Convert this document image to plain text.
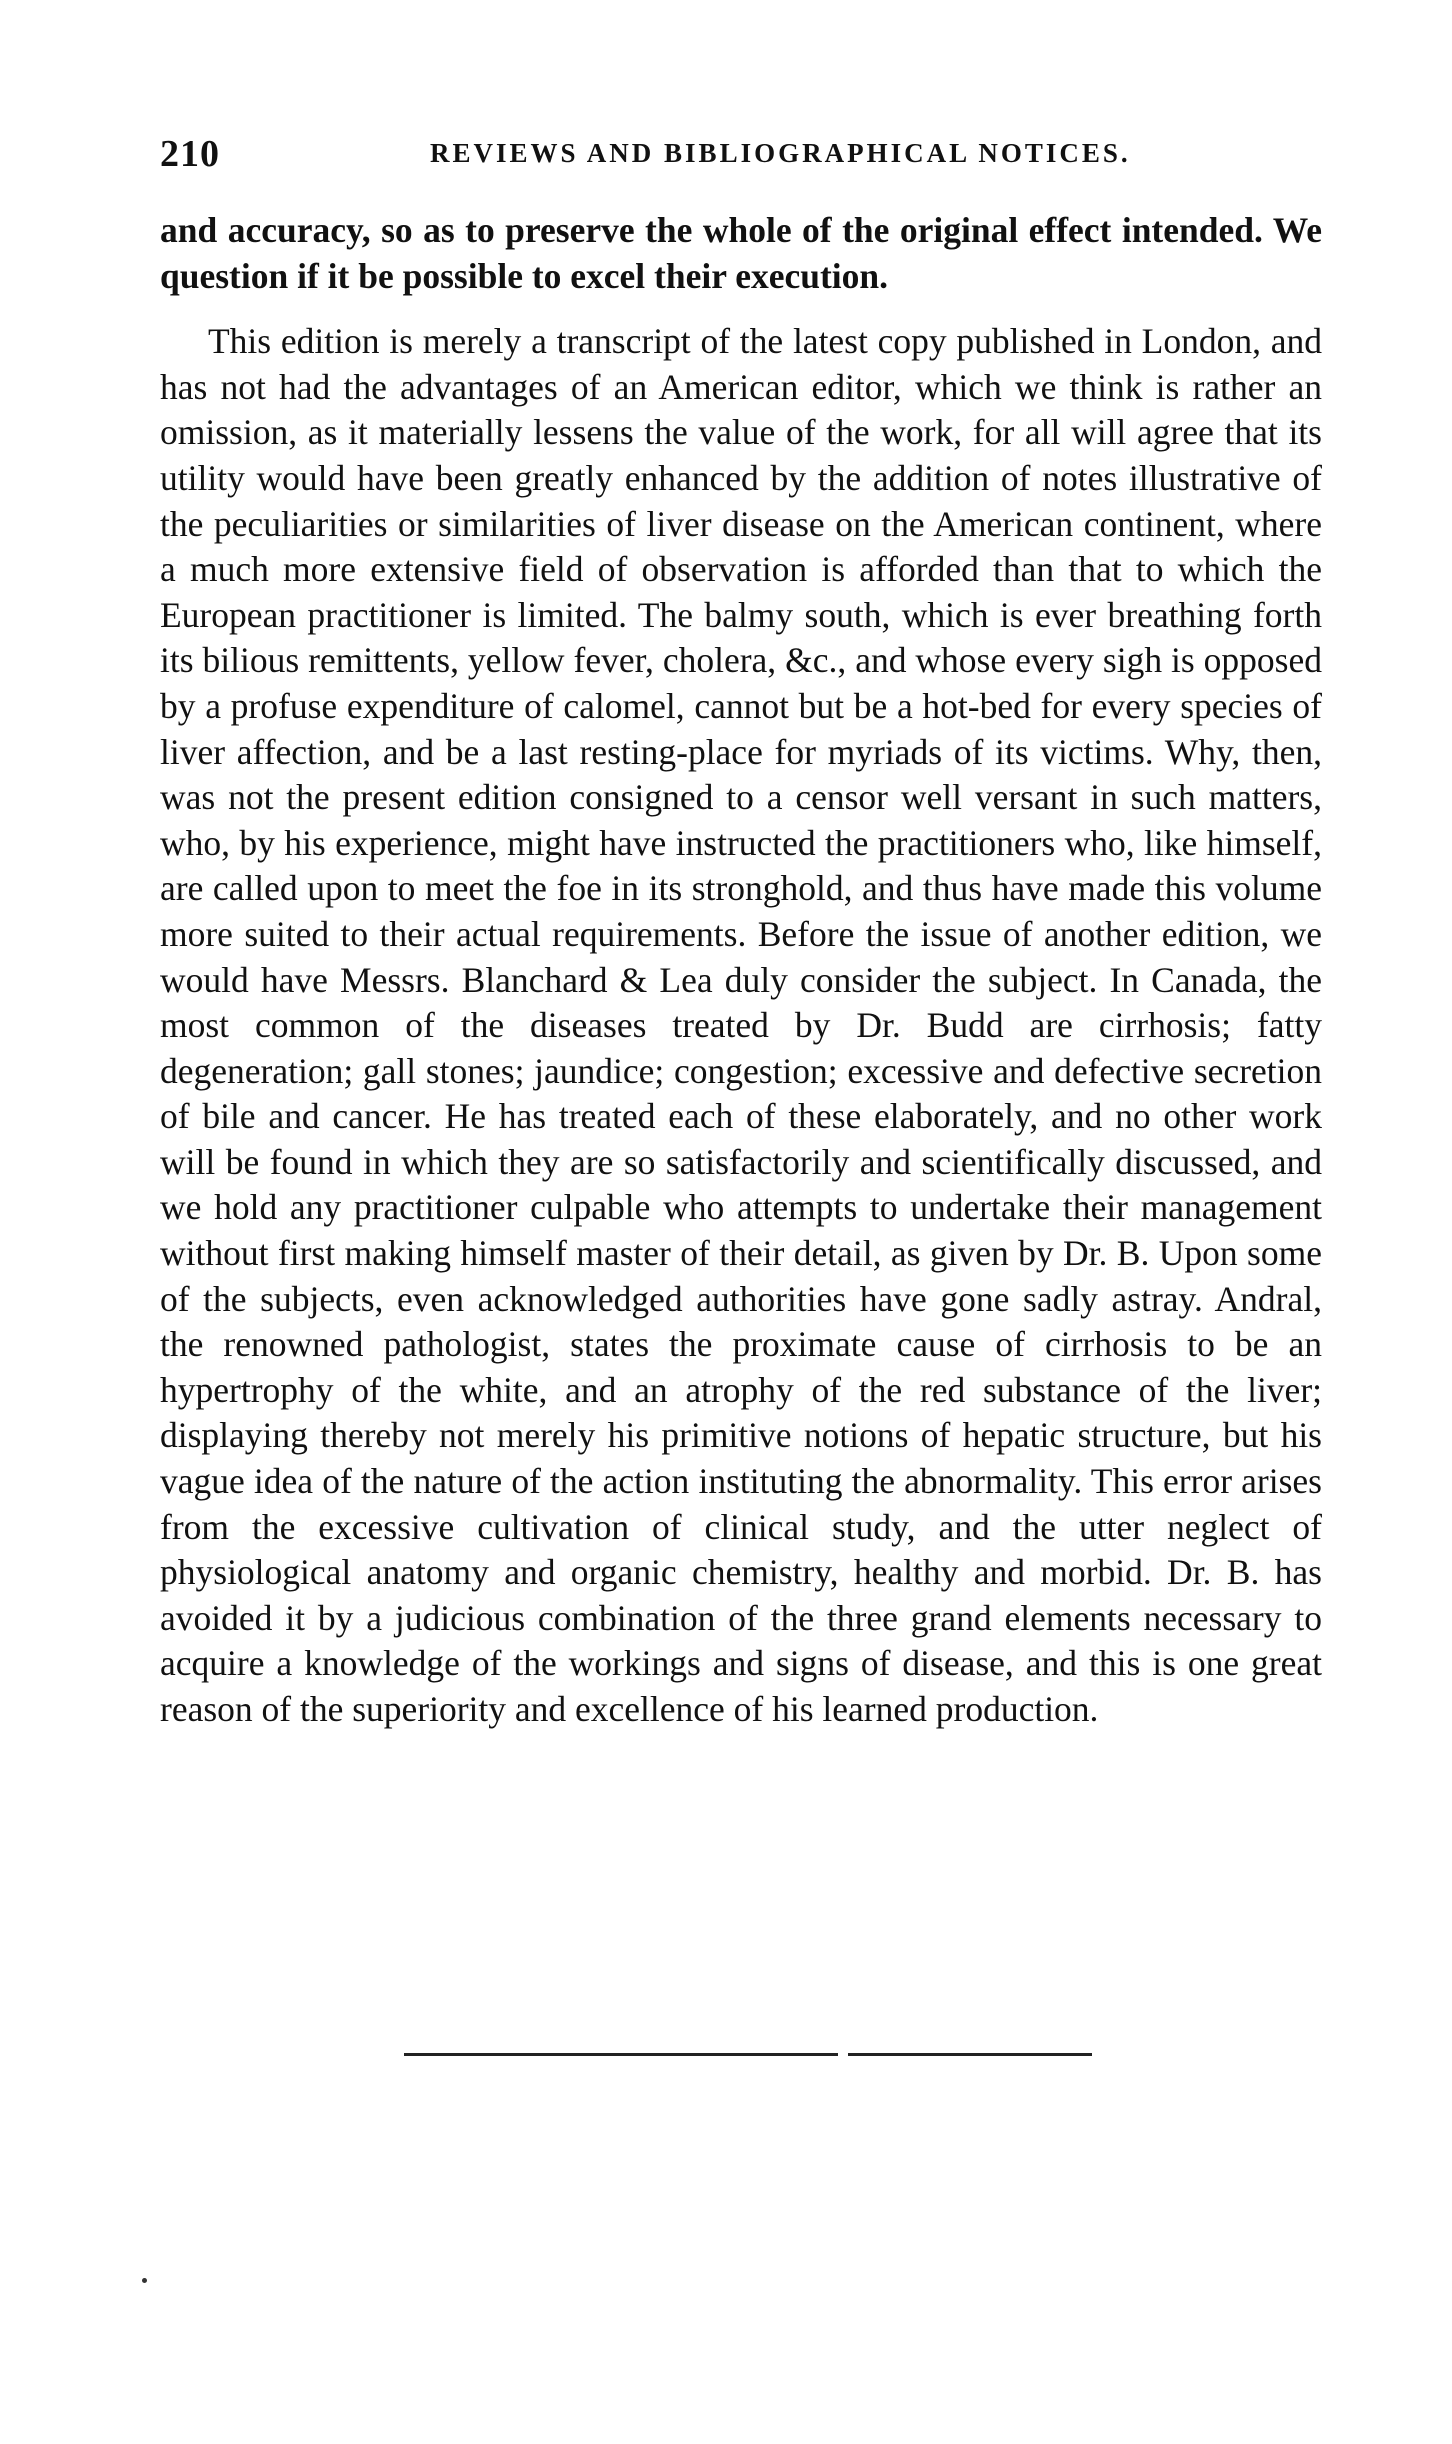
210	REVIEWS AND BIBLIOGRAPHICAL NOTICES.

and accuracy, so as to preserve the whole of the original effect intended. We question if it be possible to excel their execution.

This edition is merely a transcript of the latest copy published in London, and has not had the advantages of an American editor, which we think is rather an omission, as it materially lessens the value of the work, for all will agree that its utility would have been greatly enhanced by the addition of notes illustrative of the peculiarities or similarities of liver disease on the American continent, where a much more extensive field of observation is afforded than that to which the European practitioner is limited. The balmy south, which is ever breathing forth its bilious remittents, yellow fever, cholera, &c., and whose every sigh is opposed by a profuse expenditure of calomel, cannot but be a hot-bed for every species of liver affection, and be a last resting-place for myriads of its victims. Why, then, was not the present edition consigned to a censor well versant in such matters, who, by his experience, might have instructed the practitioners who, like himself, are called upon to meet the foe in its stronghold, and thus have made this volume more suited to their actual requirements. Before the issue of another edition, we would have Messrs. Blanchard & Lea duly consider the subject. In Canada, the most common of the diseases treated by Dr. Budd are cirrhosis; fatty degeneration; gall stones; jaundice; congestion; excessive and defective secretion of bile and cancer. He has treated each of these elaborately, and no other work will be found in which they are so satisfactorily and scientifically discussed, and we hold any practitioner culpable who attempts to undertake their management without first making himself master of their detail, as given by Dr. B. Upon some of the subjects, even acknowledged authorities have gone sadly astray. Andral, the renowned pathologist, states the proximate cause of cirrhosis to be an hypertrophy of the white, and an atrophy of the red substance of the liver; displaying thereby not merely his primitive notions of hepatic structure, but his vague idea of the nature of the action instituting the abnormality. This error arises from the excessive cultivation of clinical study, and the utter neglect of physiological anatomy and organic chemistry, healthy and morbid. Dr. B. has avoided it by a judicious combination of the three grand elements necessary to acquire a knowledge of the workings and signs of disease, and this is one great reason of the superiority and excellence of his learned production.
